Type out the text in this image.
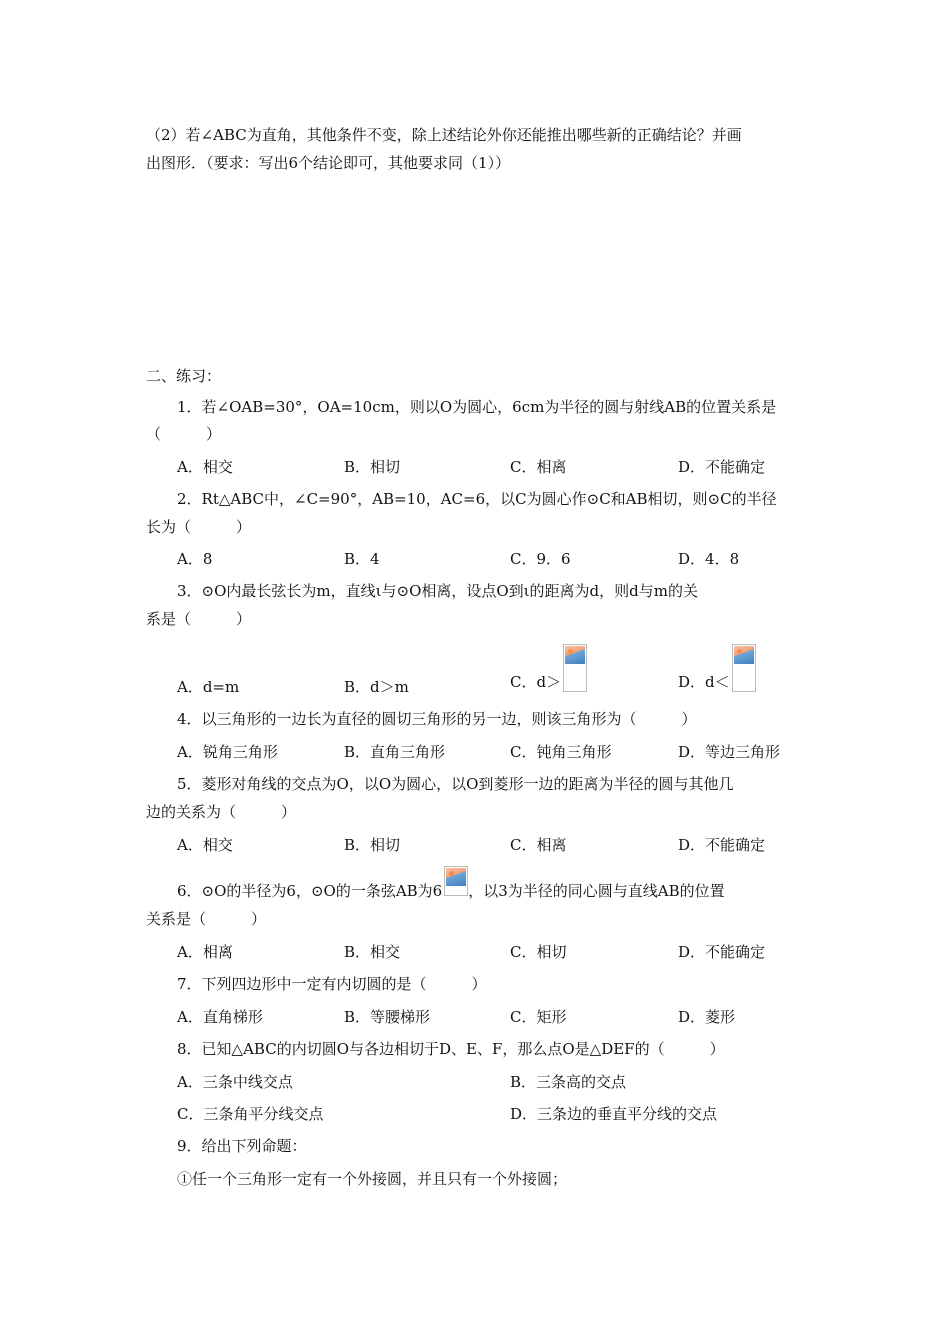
（2）若∠ABC为直角，其他条件不变，除上述结论外你还能推出哪些新的正确结论？并画
出图形．（要求：写出6个结论即可，其他要求同（1））
二、练习：
1．若∠OAB=30°，OA=10cm，则以O为圆心，6cm为半径的圆与射线AB的位置关系是
（　　　）
A．相交	B．相切	C．相离	D．不能确定
2．Rt△ABC中，∠C=90°，AB=10，AC=6，以C为圆心作⊙C和AB相切，则⊙C的半径
长为（　　　）
A．8	B．4	C．9．6	D．4．8
3．⊙O内最长弦长为m，直线ι与⊙O相离，设点O到ι的距离为d，则d与m的关
系是（　　　）
A．d=m	B．d＞m	C．d＞	D．d＜
4．以三角形的一边长为直径的圆切三角形的另一边，则该三角形为（　　　）
A．锐角三角形	B．直角三角形	C．钝角三角形	D．等边三角形
5．菱形对角线的交点为O，以O为圆心，以O到菱形一边的距离为半径的圆与其他几
边的关系为（　　　）
A．相交	B．相切	C．相离	D．不能确定
6．⊙O的半径为6，⊙O的一条弦AB为6 ，以3为半径的同心圆与直线AB的位置
关系是（　　　）
A．相离	B．相交	C．相切	D．不能确定
7．下列四边形中一定有内切圆的是（　　　）
A．直角梯形	B．等腰梯形	C．矩形	D．菱形
8．已知△ABC的内切圆O与各边相切于D、E、F，那么点O是△DEF的（　　　）
A．三条中线交点	B．三条高的交点
C．三条角平分线交点	D．三条边的垂直平分线的交点
9．给出下列命题：
①任一个三角形一定有一个外接圆，并且只有一个外接圆；
